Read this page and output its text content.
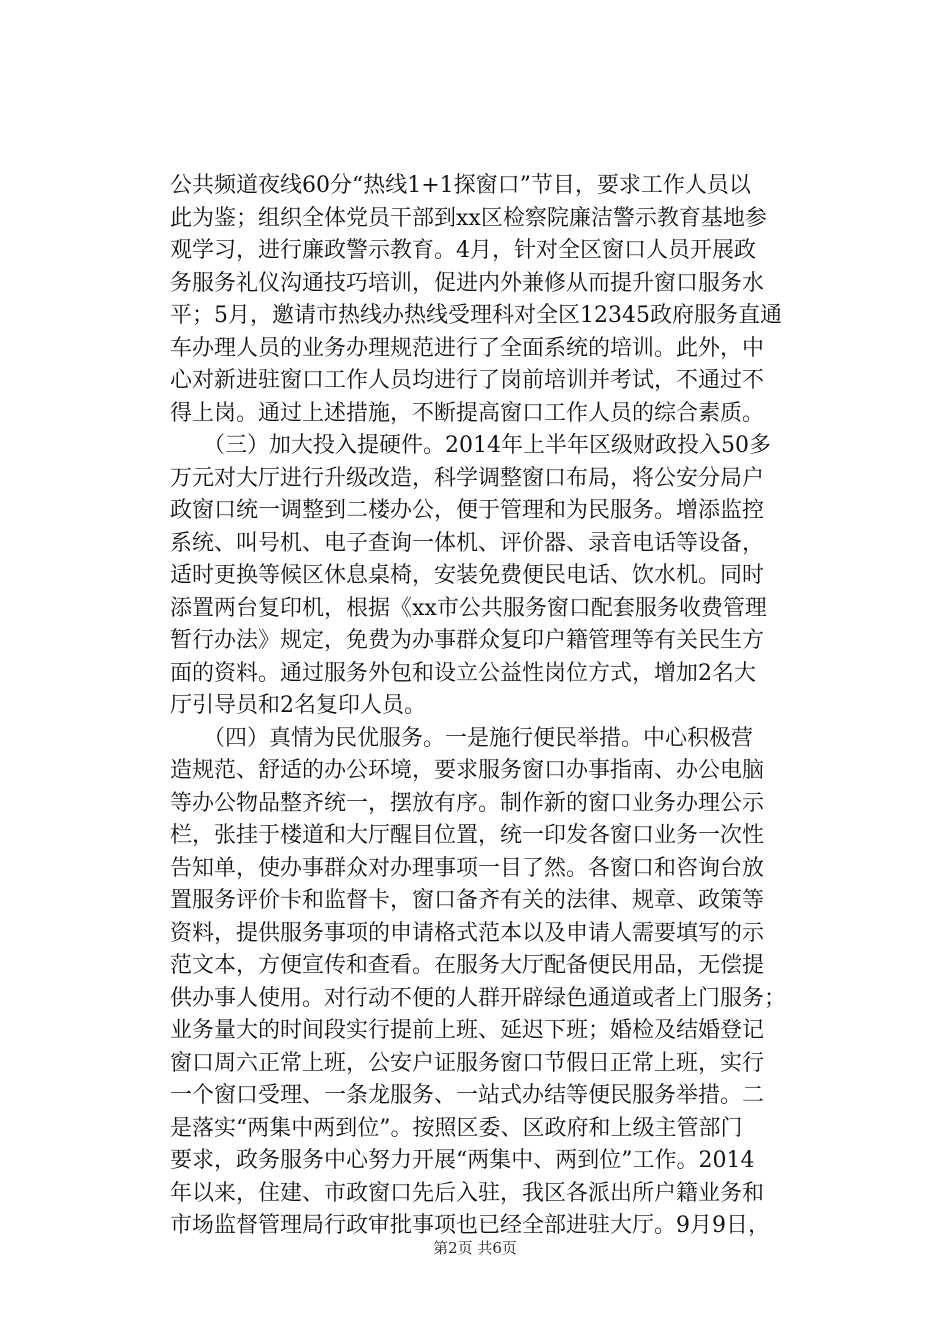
公共频道夜线60分“热线1+1探窗口”节目，要求工作人员以
此为鉴；组织全体党员干部到xx区检察院廉洁警示教育基地参
观学习，进行廉政警示教育。4月，针对全区窗口人员开展政
务服务礼仪沟通技巧培训，促进内外兼修从而提升窗口服务水
平；5月，邀请市热线办热线受理科对全区12345政府服务直通
车办理人员的业务办理规范进行了全面系统的培训。此外，中
心对新进驻窗口工作人员均进行了岗前培训并考试，不通过不
得上岗。通过上述措施，不断提高窗口工作人员的综合素质。
　　（三）加大投入提硬件。2014年上半年区级财政投入50多
万元对大厅进行升级改造，科学调整窗口布局，将公安分局户
政窗口统一调整到二楼办公，便于管理和为民服务。增添监控
系统、叫号机、电子查询一体机、评价器、录音电话等设备，
适时更换等候区休息桌椅，安装免费便民电话、饮水机。同时
添置两台复印机，根据《xx市公共服务窗口配套服务收费管理
暂行办法》规定，免费为办事群众复印户籍管理等有关民生方
面的资料。通过服务外包和设立公益性岗位方式，增加2名大
厅引导员和2名复印人员。
　　（四）真情为民优服务。一是施行便民举措。中心积极营
造规范、舒适的办公环境，要求服务窗口办事指南、办公电脑
等办公物品整齐统一，摆放有序。制作新的窗口业务办理公示
栏，张挂于楼道和大厅醒目位置，统一印发各窗口业务一次性
告知单，使办事群众对办理事项一目了然。各窗口和咨询台放
置服务评价卡和监督卡，窗口备齐有关的法律、规章、政策等
资料，提供服务事项的申请格式范本以及申请人需要填写的示
范文本，方便宣传和查看。在服务大厅配备便民用品，无偿提
供办事人使用。对行动不便的人群开辟绿色通道或者上门服务；
业务量大的时间段实行提前上班、延迟下班；婚检及结婚登记
窗口周六正常上班，公安户证服务窗口节假日正常上班，实行
一个窗口受理、一条龙服务、一站式办结等便民服务举措。二
是落实“两集中两到位”。按照区委、区政府和上级主管部门
要求，政务服务中心努力开展“两集中、两到位”工作。2014
年以来，住建、市政窗口先后入驻，我区各派出所户籍业务和
市场监督管理局行政审批事项也已经全部进驻大厅。9月9日，
第2页 共6页
